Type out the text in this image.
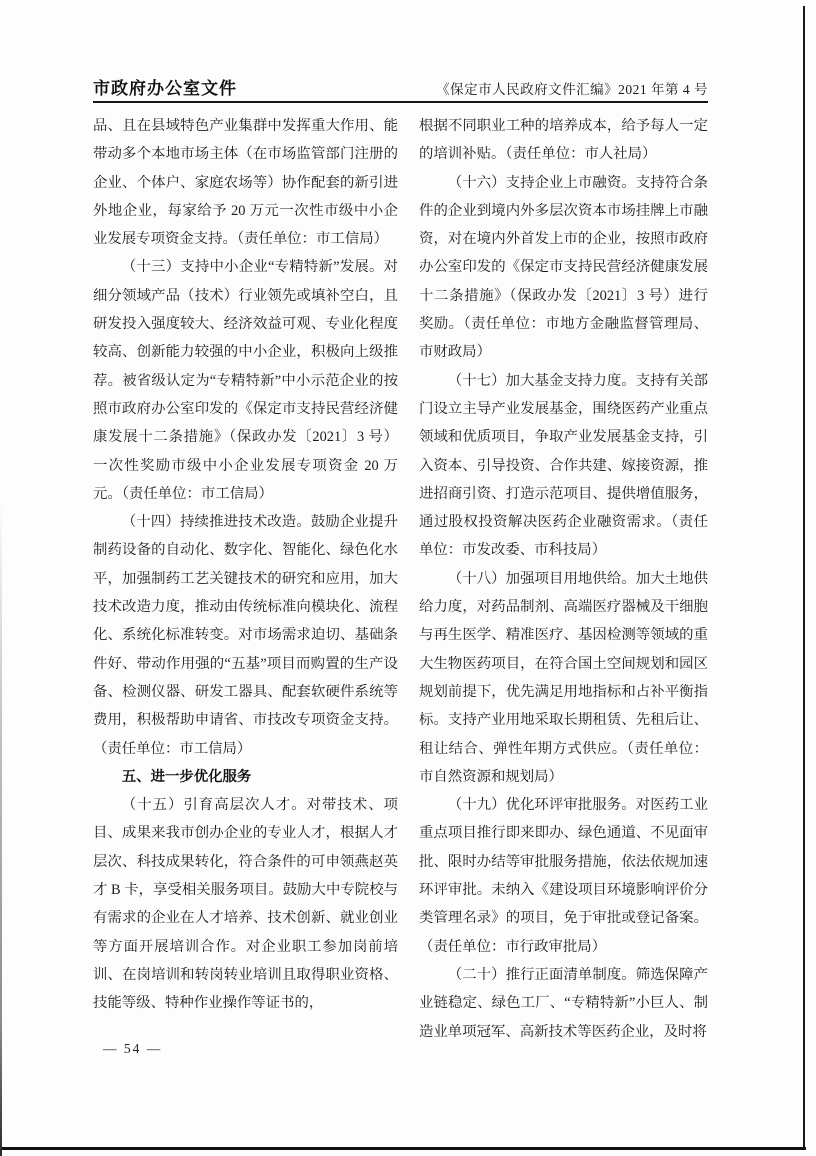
市政府办公室文件	《保定市人民政府文件汇编》2021 年第 4 号

品、且在县域特色产业集群中发挥重大作用、能带动多个本地市场主体（在市场监管部门注册的企业、个体户、家庭农场等）协作配套的新引进外地企业，每家给予 20 万元一次性市级中小企业发展专项资金支持。（责任单位：市工信局）

（十三）支持中小企业“专精特新”发展。对细分领域产品（技术）行业领先或填补空白，且研发投入强度较大、经济效益可观、专业化程度较高、创新能力较强的中小企业，积极向上级推荐。被省级认定为“专精特新”中小示范企业的按照市政府办公室印发的《保定市支持民营经济健康发展十二条措施》（保政办发〔2021〕3 号）一次性奖励市级中小企业发展专项资金 20 万元。（责任单位：市工信局）

（十四）持续推进技术改造。鼓励企业提升制药设备的自动化、数字化、智能化、绿色化水平，加强制药工艺关键技术的研究和应用，加大技术改造力度，推动由传统标准向模块化、流程化、系统化标准转变。对市场需求迫切、基础条件好、带动作用强的“五基”项目而购置的生产设备、检测仪器、研发工器具、配套软硬件系统等费用，积极帮助申请省、市技改专项资金支持。（责任单位：市工信局）

五、进一步优化服务

（十五）引育高层次人才。对带技术、项目、成果来我市创办企业的专业人才，根据人才层次、科技成果转化，符合条件的可申领燕赵英才 B 卡，享受相关服务项目。鼓励大中专院校与有需求的企业在人才培养、技术创新、就业创业等方面开展培训合作。对企业职工参加岗前培训、在岗培训和转岗转业培训且取得职业资格、技能等级、特种作业操作等证书的，

根据不同职业工种的培养成本，给予每人一定的培训补贴。（责任单位：市人社局）

（十六）支持企业上市融资。支持符合条件的企业到境内外多层次资本市场挂牌上市融资，对在境内外首发上市的企业，按照市政府办公室印发的《保定市支持民营经济健康发展十二条措施》（保政办发〔2021〕3 号）进行奖励。（责任单位：市地方金融监督管理局、市财政局）

（十七）加大基金支持力度。支持有关部门设立主导产业发展基金，围绕医药产业重点领域和优质项目，争取产业发展基金支持，引入资本、引导投资、合作共建、嫁接资源，推进招商引资、打造示范项目、提供增值服务，通过股权投资解决医药企业融资需求。（责任单位：市发改委、市科技局）

（十八）加强项目用地供给。加大土地供给力度，对药品制剂、高端医疗器械及干细胞与再生医学、精准医疗、基因检测等领域的重大生物医药项目，在符合国土空间规划和园区规划前提下，优先满足用地指标和占补平衡指标。支持产业用地采取长期租赁、先租后让、租让结合、弹性年期方式供应。（责任单位：市自然资源和规划局）

（十九）优化环评审批服务。对医药工业重点项目推行即来即办、绿色通道、不见面审批、限时办结等审批服务措施，依法依规加速环评审批。未纳入《建设项目环境影响评价分类管理名录》的项目，免于审批或登记备案。（责任单位：市行政审批局）

（二十）推行正面清单制度。筛选保障产业链稳定、绿色工厂、“专精特新”小巨人、制造业单项冠军、高新技术等医药企业，及时将

— 54 —
